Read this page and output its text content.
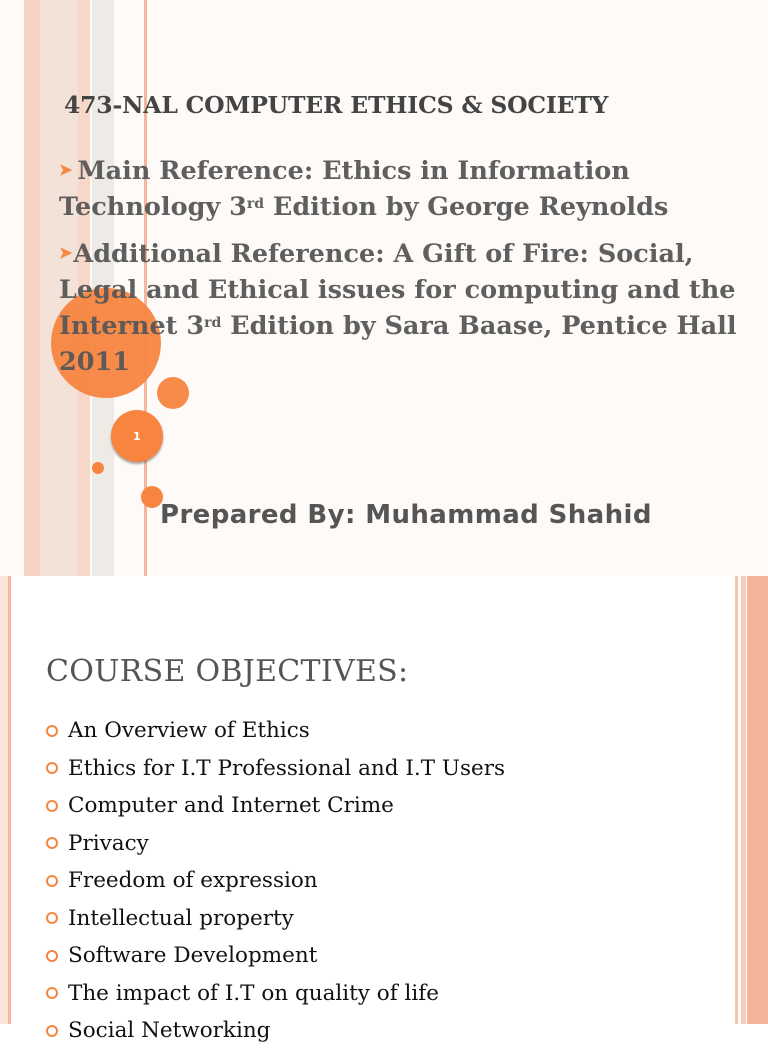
473-NAL COMPUTER ETHICS & SOCIETY

➤ Main Reference: Ethics in Information Technology 3rd Edition by George Reynolds

➤Additional Reference: A Gift of Fire: Social, Legal and Ethical issues for computing and the Internet 3rd Edition by Sara Baase, Pentice Hall 2011

1
Prepared By: Muhammad Shahid
COURSE OBJECTIVES:
An Overview of Ethics
Ethics for I.T Professional and I.T Users
Computer and Internet Crime
Privacy
Freedom of expression
Intellectual property
Software Development
The impact of I.T on quality of life
Social Networking
